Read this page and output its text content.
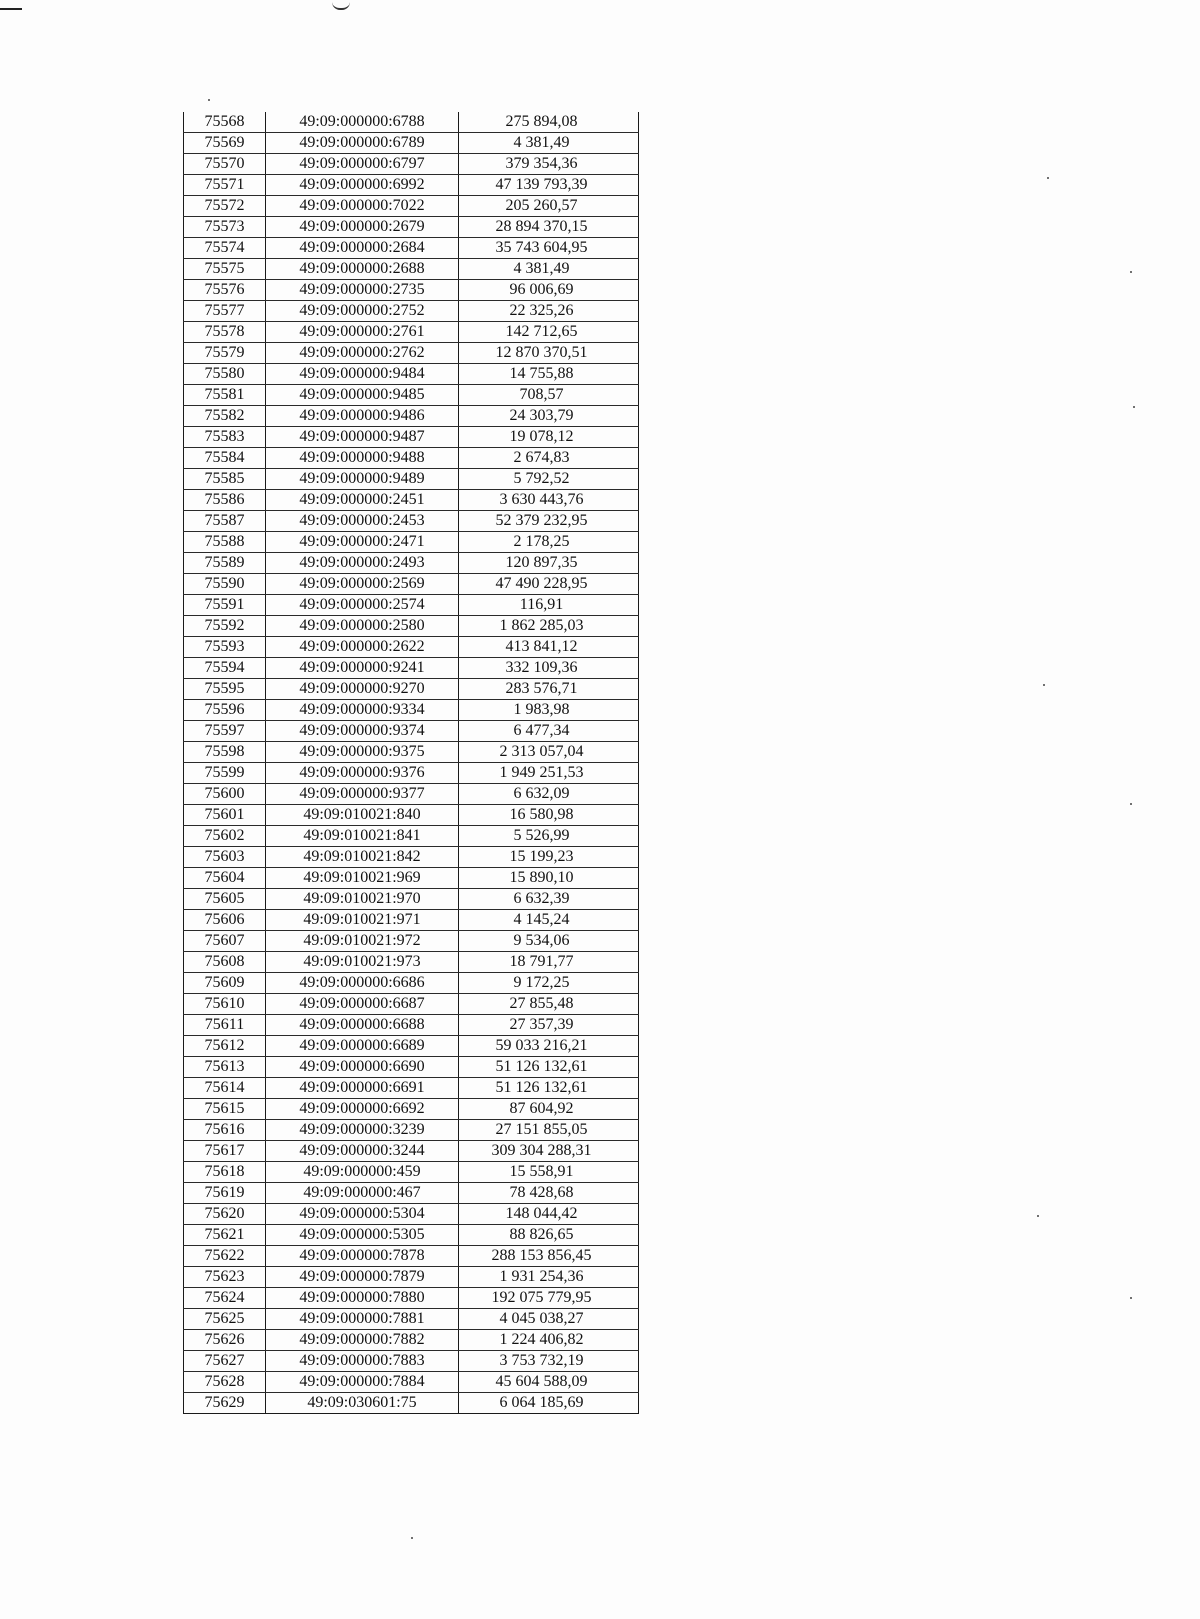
75568	49:09:000000:6788	275 894,08
75569	49:09:000000:6789	4 381,49
75570	49:09:000000:6797	379 354,36
75571	49:09:000000:6992	47 139 793,39
75572	49:09:000000:7022	205 260,57
75573	49:09:000000:2679	28 894 370,15
75574	49:09:000000:2684	35 743 604,95
75575	49:09:000000:2688	4 381,49
75576	49:09:000000:2735	96 006,69
75577	49:09:000000:2752	22 325,26
75578	49:09:000000:2761	142 712,65
75579	49:09:000000:2762	12 870 370,51
75580	49:09:000000:9484	14 755,88
75581	49:09:000000:9485	708,57
75582	49:09:000000:9486	24 303,79
75583	49:09:000000:9487	19 078,12
75584	49:09:000000:9488	2 674,83
75585	49:09:000000:9489	5 792,52
75586	49:09:000000:2451	3 630 443,76
75587	49:09:000000:2453	52 379 232,95
75588	49:09:000000:2471	2 178,25
75589	49:09:000000:2493	120 897,35
75590	49:09:000000:2569	47 490 228,95
75591	49:09:000000:2574	116,91
75592	49:09:000000:2580	1 862 285,03
75593	49:09:000000:2622	413 841,12
75594	49:09:000000:9241	332 109,36
75595	49:09:000000:9270	283 576,71
75596	49:09:000000:9334	1 983,98
75597	49:09:000000:9374	6 477,34
75598	49:09:000000:9375	2 313 057,04
75599	49:09:000000:9376	1 949 251,53
75600	49:09:000000:9377	6 632,09
75601	49:09:010021:840	16 580,98
75602	49:09:010021:841	5 526,99
75603	49:09:010021:842	15 199,23
75604	49:09:010021:969	15 890,10
75605	49:09:010021:970	6 632,39
75606	49:09:010021:971	4 145,24
75607	49:09:010021:972	9 534,06
75608	49:09:010021:973	18 791,77
75609	49:09:000000:6686	9 172,25
75610	49:09:000000:6687	27 855,48
75611	49:09:000000:6688	27 357,39
75612	49:09:000000:6689	59 033 216,21
75613	49:09:000000:6690	51 126 132,61
75614	49:09:000000:6691	51 126 132,61
75615	49:09:000000:6692	87 604,92
75616	49:09:000000:3239	27 151 855,05
75617	49:09:000000:3244	309 304 288,31
75618	49:09:000000:459	15 558,91
75619	49:09:000000:467	78 428,68
75620	49:09:000000:5304	148 044,42
75621	49:09:000000:5305	88 826,65
75622	49:09:000000:7878	288 153 856,45
75623	49:09:000000:7879	1 931 254,36
75624	49:09:000000:7880	192 075 779,95
75625	49:09:000000:7881	4 045 038,27
75626	49:09:000000:7882	1 224 406,82
75627	49:09:000000:7883	3 753 732,19
75628	49:09:000000:7884	45 604 588,09
75629	49:09:030601:75	6 064 185,69
